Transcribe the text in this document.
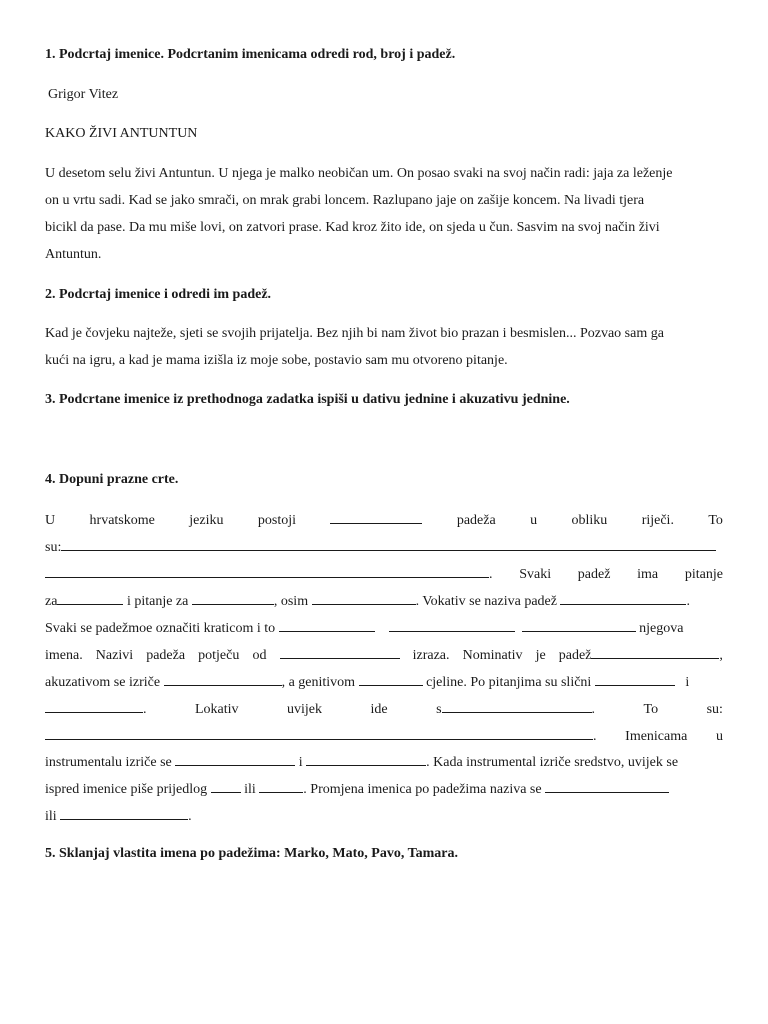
1. Podcrtaj imenice. Podcrtanim imenicama odredi rod, broj i padež.
Grigor Vitez
KAKO ŽIVI ANTUNTUN
U desetom selu živi Antuntun. U njega je malko neobičan um. On posao svaki na svoj način radi: jaja za leženje
on u vrtu sadi. Kad se jako smrači, on mrak grabi loncem. Razlupano jaje on zašije koncem. Na livadi tjera
bicikl da pase. Da mu miše lovi, on zatvori prase. Kad kroz žito ide, on sjeda u čun. Sasvim na svoj način živi
Antuntun.
2. Podcrtaj imenice i odredi im padež.
Kad je čovjeku najteže, sjeti se svojih prijatelja. Bez njih bi nam život bio prazan i besmislen... Pozvao sam ga
kući na igru, a kad je mama izišla iz moje sobe, postavio sam mu otvoreno pitanje.
3. Podcrtane imenice iz prethodnoga zadatka ispiši u dativu jednine i akuzativu jednine.
4. Dopuni prazne crte.
U hrvatskome jeziku postoji	padeža u obliku riječi. To
su:
. Svaki padež ima pitanje
za	i pitanje za	, osim	. Vokativ se naziva padež	.
Svaki se padežmoe označiti kraticom i to	njegova
imena. Nazivi padeža potječu od	izraza. Nominativ je padež	,
akuzativom se izriče	, a genitivom	cjeline. Po pitanjima su slični	i
.	Lokativ	uvijek	ide	s	.	To	su:
. Imenicama u
instrumentalu izriče se	i	. Kada instrumental izriče sredstvo, uvijek se
ispred imenice piše prijedlog  ili	. Promjena imenica po padežima naziva se
ili	.
5. Sklanjaj vlastita imena po padežima: Marko, Mato, Pavo, Tamara.
